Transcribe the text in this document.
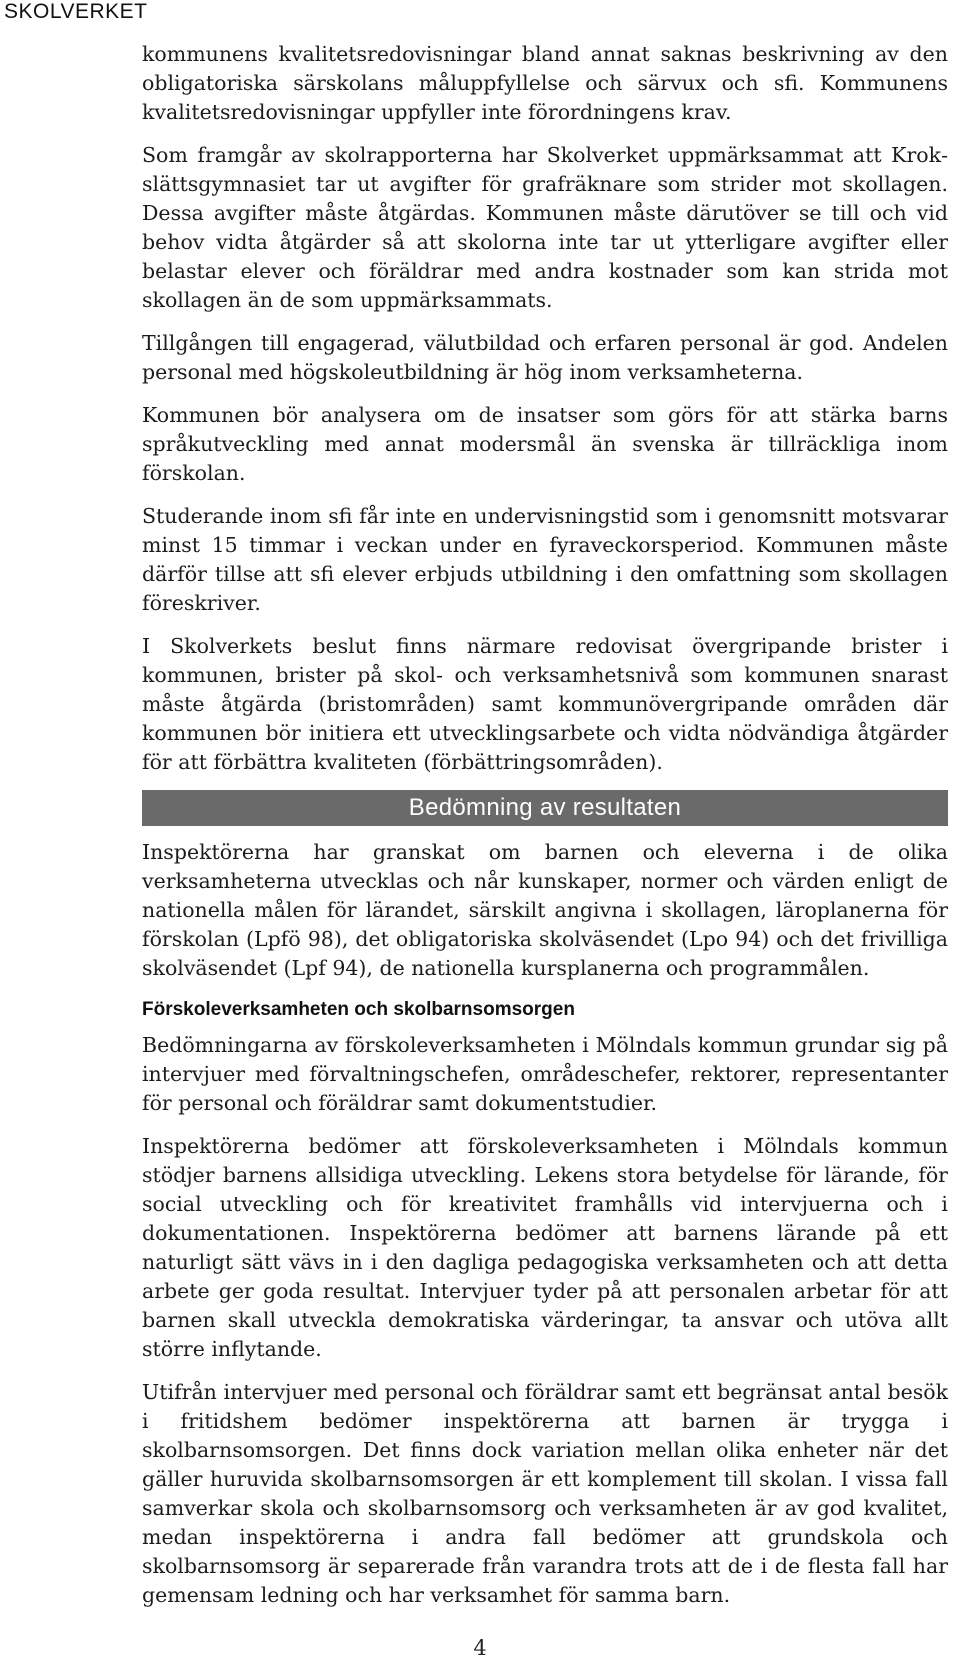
SKOLVERKET

kommunens kvalitetsredovisningar bland annat saknas beskrivning av den obligatoriska särskolans måluppfyllelse och särvux och sfi. Kommunens kvalitetsredovisningar uppfyller inte förordningens krav.

Som framgår av skolrapporterna har Skolverket uppmärksammat att Krokslättsgymnasiet tar ut avgifter för grafräknare som strider mot skollagen. Dessa avgifter måste åtgärdas. Kommunen måste därutöver se till och vid behov vidta åtgärder så att skolorna inte tar ut ytterligare avgifter eller belastar elever och föräldrar med andra kostnader som kan strida mot skollagen än de som uppmärksammats.

Tillgången till engagerad, välutbildad och erfaren personal är god. Andelen personal med högskoleutbildning är hög inom verksamheterna.

Kommunen bör analysera om de insatser som görs för att stärka barns språkutveckling med annat modersmål än svenska är tillräckliga inom förskolan.

Studerande inom sfi får inte en undervisningstid som i genomsnitt motsvarar minst 15 timmar i veckan under en fyraveckorsperiod. Kommunen måste därför tillse att sfi elever erbjuds utbildning i den omfattning som skollagen föreskriver.

I Skolverkets beslut finns närmare redovisat övergripande brister i kommunen, brister på skol- och verksamhetsnivå som kommunen snarast måste åtgärda (bristområden) samt kommunövergripande områden där kommunen bör initiera ett utvecklingsarbete och vidta nödvändiga åtgärder för att förbättra kvaliteten (förbättringsområden).

Bedömning av resultaten

Inspektörerna har granskat om barnen och eleverna i de olika verksamheterna utvecklas och når kunskaper, normer och värden enligt de nationella målen för lärandet, särskilt angivna i skollagen, läroplanerna för förskolan (Lpfö 98), det obligatoriska skolväsendet (Lpo 94) och det frivilliga skolväsendet (Lpf 94), de nationella kursplanerna och programmålen.

Förskoleverksamheten och skolbarnsomsorgen

Bedömningarna av förskoleverksamheten i Mölndals kommun grundar sig på intervjuer med förvaltningschefen, områdeschefer, rektorer, representanter för personal och föräldrar samt dokumentstudier.

Inspektörerna bedömer att förskoleverksamheten i Mölndals kommun stödjer barnens allsidiga utveckling. Lekens stora betydelse för lärande, för social utveckling och för kreativitet framhålls vid intervjuerna och i dokumentationen. Inspektörerna bedömer att barnens lärande på ett naturligt sätt vävs in i den dagliga pedagogiska verksamheten och att detta arbete ger goda resultat. Intervjuer tyder på att personalen arbetar för att barnen skall utveckla demokratiska värderingar, ta ansvar och utöva allt större inflytande.

Utifrån intervjuer med personal och föräldrar samt ett begränsat antal besök i fritidshem bedömer inspektörerna att barnen är trygga i skolbarnsomsorgen. Det finns dock variation mellan olika enheter när det gäller huruvida skolbarnsomsorgen är ett komplement till skolan. I vissa fall samverkar skola och skolbarnsomsorg och verksamheten är av god kvalitet, medan inspektörerna i andra fall bedömer att grundskola och skolbarnsomsorg är separerade från varandra trots att de i de flesta fall har gemensam ledning och har verksamhet för samma barn.

4
